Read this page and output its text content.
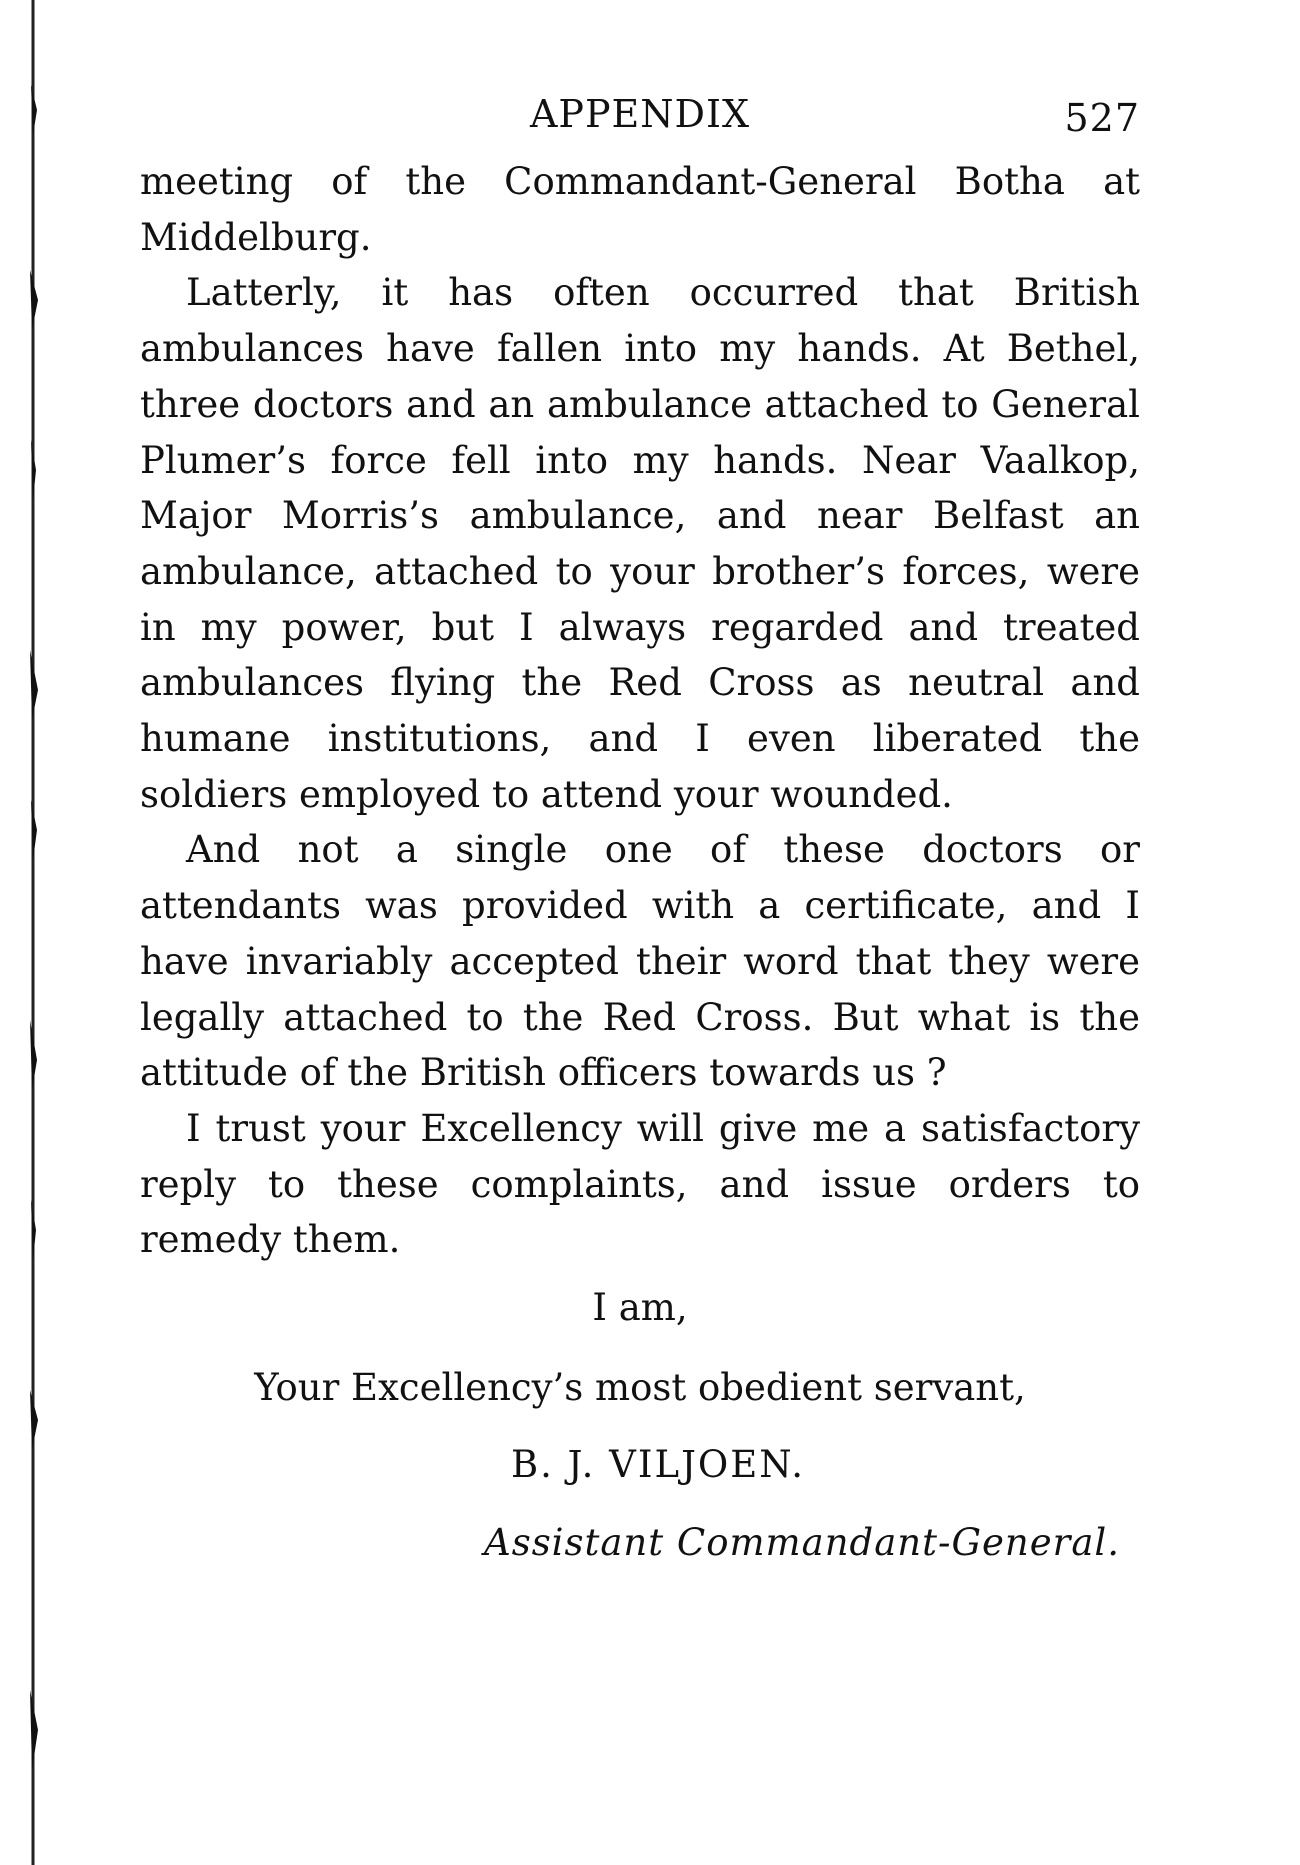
APPENDIX	527

meeting of the Commandant-General Botha at Middelburg.

Latterly, it has often occurred that British ambulances have fallen into my hands. At Bethel, three doctors and an ambulance attached to General Plumer’s force fell into my hands. Near Vaalkop, Major Morris’s ambulance, and near Belfast an ambulance, attached to your brother’s forces, were in my power, but I always regarded and treated ambulances flying the Red Cross as neutral and humane institutions, and I even liberated the soldiers employed to attend your wounded.

And not a single one of these doctors or attendants was provided with a certificate, and I have invariably accepted their word that they were legally attached to the Red Cross. But what is the attitude of the British officers towards us ?

I trust your Excellency will give me a satisfactory reply to these complaints, and issue orders to remedy them.

I am,

Your Excellency’s most obedient servant,

B. J. VILJOEN.

Assistant Commandant-General.
